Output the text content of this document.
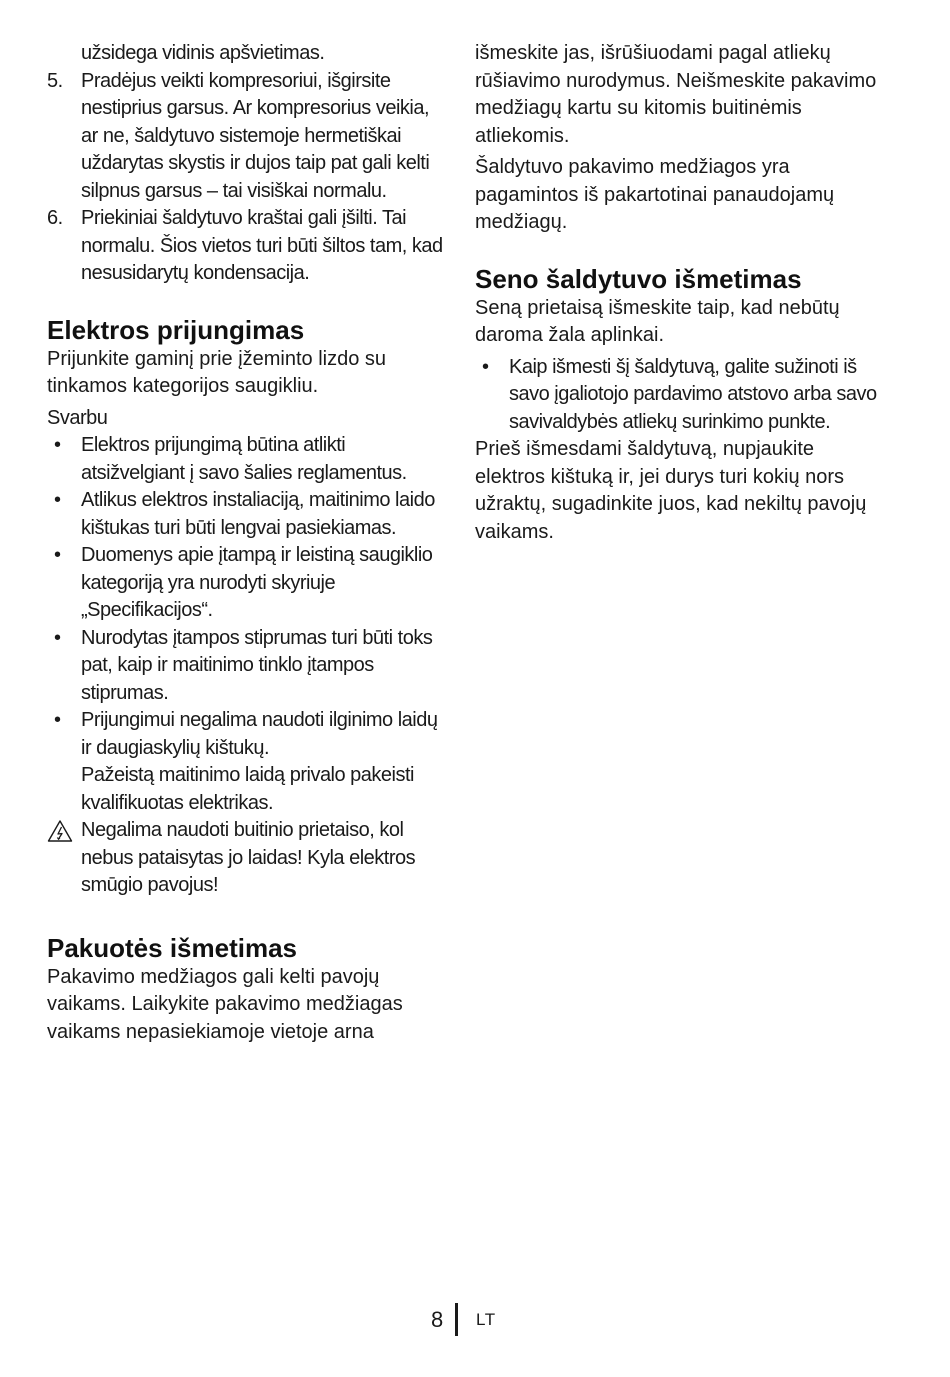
užsidega vidinis apšvietimas.
5. Pradėjus veikti kompresoriui, išgirsite nestiprius garsus. Ar kompresorius veikia, ar ne, šaldytuvo sistemoje hermetiškai uždarytas skystis ir dujos taip pat gali kelti silpnus garsus – tai visiškai normalu.
6. Priekiniai šaldytuvo kraštai gali įšilti. Tai normalu. Šios vietos turi būti šiltos tam, kad nesusidarytų kondensacija.
Elektros prijungimas

Prijunkite gaminį prie įžeminto lizdo su tinkamos kategorijos saugikliu.

Svarbu
•	Elektros prijungimą būtina atlikti atsižvelgiant į savo šalies reglamentus.
•	Atlikus elektros instaliaciją, maitinimo laido kištukas turi būti lengvai pasiekiamas.
•	Duomenys apie įtampą ir leistiną saugiklio kategoriją yra nurodyti skyriuje „Specifikacijos“.
•	Nurodytas įtampos stiprumas turi būti toks pat, kaip ir maitinimo tinklo įtampos stiprumas.
•	Prijungimui negalima naudoti ilginimo laidų ir daugiaskylių kištukų.
Pažeistą maitinimo laidą privalo pakeisti kvalifikuotas elektrikas.
Negalima naudoti buitinio prietaiso, kol nebus pataisytas jo laidas! Kyla elektros smūgio pavojus!
Pakuotės išmetimas

Pakavimo medžiagos gali kelti pavojų vaikams. Laikykite pakavimo medžiagas vaikams nepasiekiamoje vietoje arna

išmeskite jas, išrūšiuodami pagal atliekų rūšiavimo nurodymus. Neišmeskite pakavimo medžiagų kartu su kitomis buitinėmis atliekomis.

Šaldytuvo pakavimo medžiagos yra pagamintos iš pakartotinai panaudojamų medžiagų.

Seno šaldytuvo išmetimas

Seną prietaisą išmeskite taip, kad nebūtų daroma žala aplinkai.

•	Kaip išmesti šį šaldytuvą, galite sužinoti iš savo įgaliotojo pardavimo atstovo arba savo savivaldybės atliekų surinkimo punkte.

Prieš išmesdami šaldytuvą, nupjaukite elektros kištuką ir, jei durys turi kokių nors užraktų, sugadinkite juos, kad nekiltų pavojų vaikams.

8 LT
